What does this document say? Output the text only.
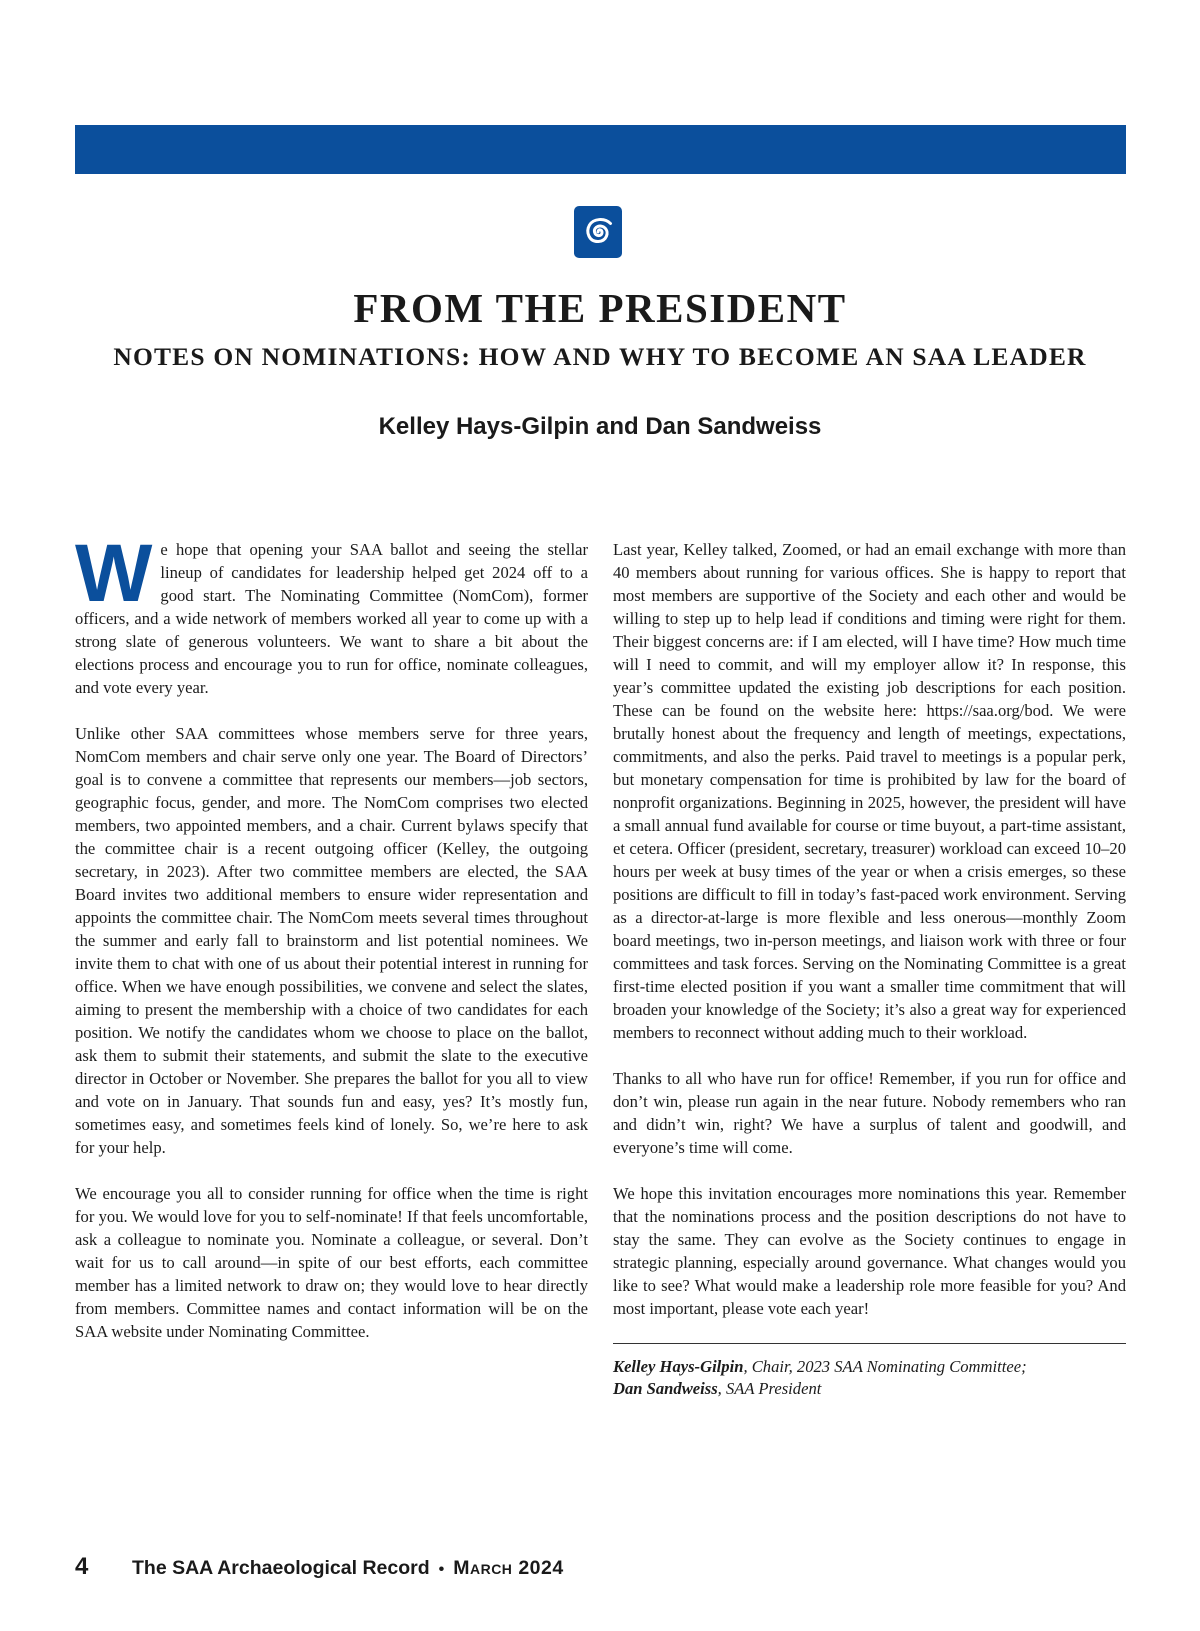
FROM THE PRESIDENT
NOTES ON NOMINATIONS: HOW AND WHY TO BECOME AN SAA LEADER
Kelley Hays-Gilpin and Dan Sandweiss

We hope that opening your SAA ballot and seeing the stellar lineup of candidates for leadership helped get 2024 off to a good start. The Nominating Committee (NomCom), former officers, and a wide network of members worked all year to come up with a strong slate of generous volunteers. We want to share a bit about the elections process and encourage you to run for office, nominate colleagues, and vote every year.

Unlike other SAA committees whose members serve for three years, NomCom members and chair serve only one year. The Board of Directors’ goal is to convene a committee that represents our members—job sectors, geographic focus, gender, and more. The NomCom comprises two elected members, two appointed members, and a chair. Current bylaws specify that the committee chair is a recent outgoing officer (Kelley, the outgoing secretary, in 2023). After two committee members are elected, the SAA Board invites two additional members to ensure wider representation and appoints the committee chair. The NomCom meets several times throughout the summer and early fall to brainstorm and list potential nominees. We invite them to chat with one of us about their potential interest in running for office. When we have enough possibilities, we convene and select the slates, aiming to present the membership with a choice of two candidates for each position. We notify the candidates whom we choose to place on the ballot, ask them to submit their statements, and submit the slate to the executive director in October or November. She prepares the ballot for you all to view and vote on in January. That sounds fun and easy, yes? It’s mostly fun, sometimes easy, and sometimes feels kind of lonely. So, we’re here to ask for your help.

We encourage you all to consider running for office when the time is right for you. We would love for you to self-nominate! If that feels uncomfortable, ask a colleague to nominate you. Nominate a colleague, or several. Don’t wait for us to call around—in spite of our best efforts, each committee member has a limited network to draw on; they would love to hear directly from members. Committee names and contact information will be on the SAA website under Nominating Committee.

Last year, Kelley talked, Zoomed, or had an email exchange with more than 40 members about running for various offices. She is happy to report that most members are supportive of the Society and each other and would be willing to step up to help lead if conditions and timing were right for them. Their biggest concerns are: if I am elected, will I have time? How much time will I need to commit, and will my employer allow it? In response, this year’s committee updated the existing job descriptions for each position. These can be found on the website here: https://saa.org/bod. We were brutally honest about the frequency and length of meetings, expectations, commitments, and also the perks. Paid travel to meetings is a popular perk, but monetary compensation for time is prohibited by law for the board of nonprofit organizations. Beginning in 2025, however, the president will have a small annual fund available for course or time buyout, a part-time assistant, et cetera. Officer (president, secretary, treasurer) workload can exceed 10–20 hours per week at busy times of the year or when a crisis emerges, so these positions are difficult to fill in today’s fast-paced work environment. Serving as a director-at-large is more flexible and less onerous—monthly Zoom board meetings, two in-person meetings, and liaison work with three or four committees and task forces. Serving on the Nominating Committee is a great first-time elected position if you want a smaller time commitment that will broaden your knowledge of the Society; it’s also a great way for experienced members to reconnect without adding much to their workload.

Thanks to all who have run for office! Remember, if you run for office and don’t win, please run again in the near future. Nobody remembers who ran and didn’t win, right? We have a surplus of talent and goodwill, and everyone’s time will come.

We hope this invitation encourages more nominations this year. Remember that the nominations process and the position descriptions do not have to stay the same. They can evolve as the Society continues to engage in strategic planning, especially around governance. What changes would you like to see? What would make a leadership role more feasible for you? And most important, please vote each year!

Kelley Hays-Gilpin, Chair, 2023 SAA Nominating Committee;
Dan Sandweiss, SAA President
4	The SAA Archaeological Record • March 2024
